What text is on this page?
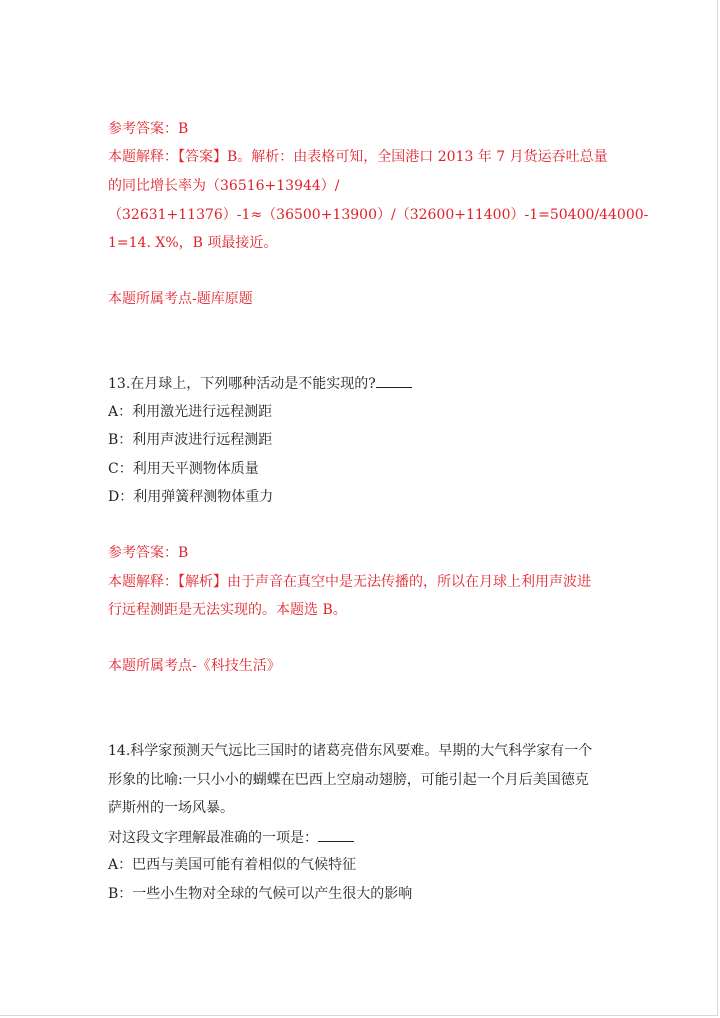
参考答案：B
本题解释：【答案】B。解析：由表格可知，全国港口 2013 年 7 月货运吞吐总量
的同比增长率为（36516+13944）/
（32631+11376）-1≈（36500+13900）/（32600+11400）-1=50400/44000-
1=14. X%，B 项最接近。
本题所属考点-题库原题
13.在月球上，下列哪种活动是不能实现的?
A：利用激光进行远程测距
B：利用声波进行远程测距
C：利用天平测物体质量
D：利用弹簧秤测物体重力
参考答案：B
本题解释：【解析】由于声音在真空中是无法传播的，所以在月球上利用声波进
行远程测距是无法实现的。本题选 B。
本题所属考点-《科技生活》
14.科学家预测天气远比三国时的诸葛亮借东风要难。早期的大气科学家有一个
形象的比喻:一只小小的蝴蝶在巴西上空扇动翅膀，可能引起一个月后美国德克
萨斯州的一场风暴。
对这段文字理解最准确的一项是：
A：巴西与美国可能有着相似的气候特征
B：一些小生物对全球的气候可以产生很大的影响
